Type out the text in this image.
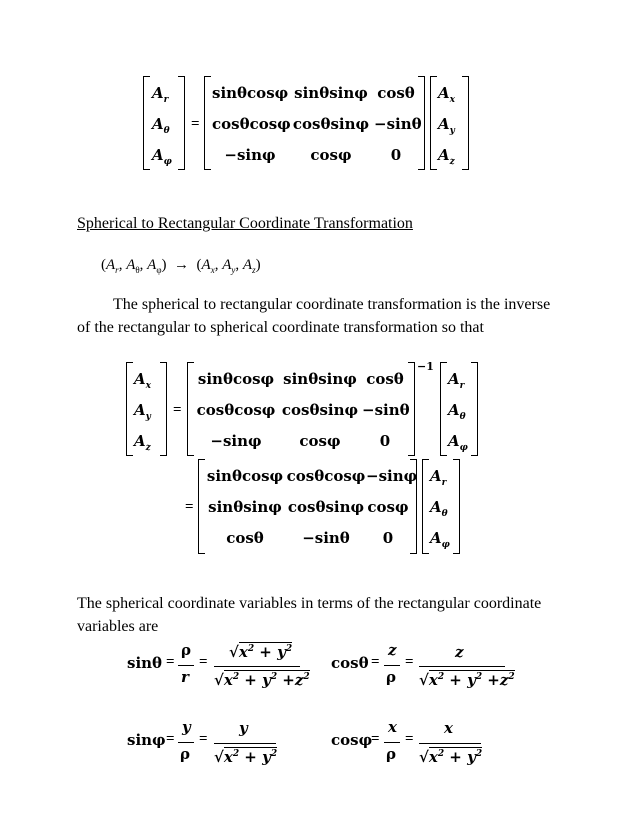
$A_r$
$A_\theta$
$A_\varphi$
=
sinθcosφ sinθsinφ cosθ
cosθcosφ cosθsinφ −sinθ
−sinφ	cosφ	0
$A_x$
$A_y$
$A_z$
Spherical to Rectangular Coordinate Transformation
($A_r$, $A_\theta$, $A_\varphi) \to (A_x$, $A_y$, $A_z$)
The spherical to rectangular coordinate transformation is the inverse
of the rectangular to spherical coordinate transformation so that
$A_x$
$A_y$
$A_z$
=
sinθcosφ sinθsinφ cosθ
cosθcosφ cosθsinφ −sinθ
−sinφ	cosφ	0
−1
$A_r$
$A_\theta$
$A_\varphi$
=
sinθcosφ cosθcosφ −sinφ
sinθsinφ cosθsinφ cosφ
cosθ	−sinθ	0
$A_r$
$A_\theta$
$A_\varphi$
The spherical coordinate variables in terms of the rectangular coordinate
variables are
sinθ =
ρ
r
=
$√x^2 + y^2$
$√x^2 + y^2 +z^2$
cosθ =
z
ρ
=
z
$√x^2 + y^2 +z^2$
sinφ =
y
ρ
=
y
$√x^2 + y^2$
cosφ
=
x
ρ
=
x
$√x^2 + y^2$
